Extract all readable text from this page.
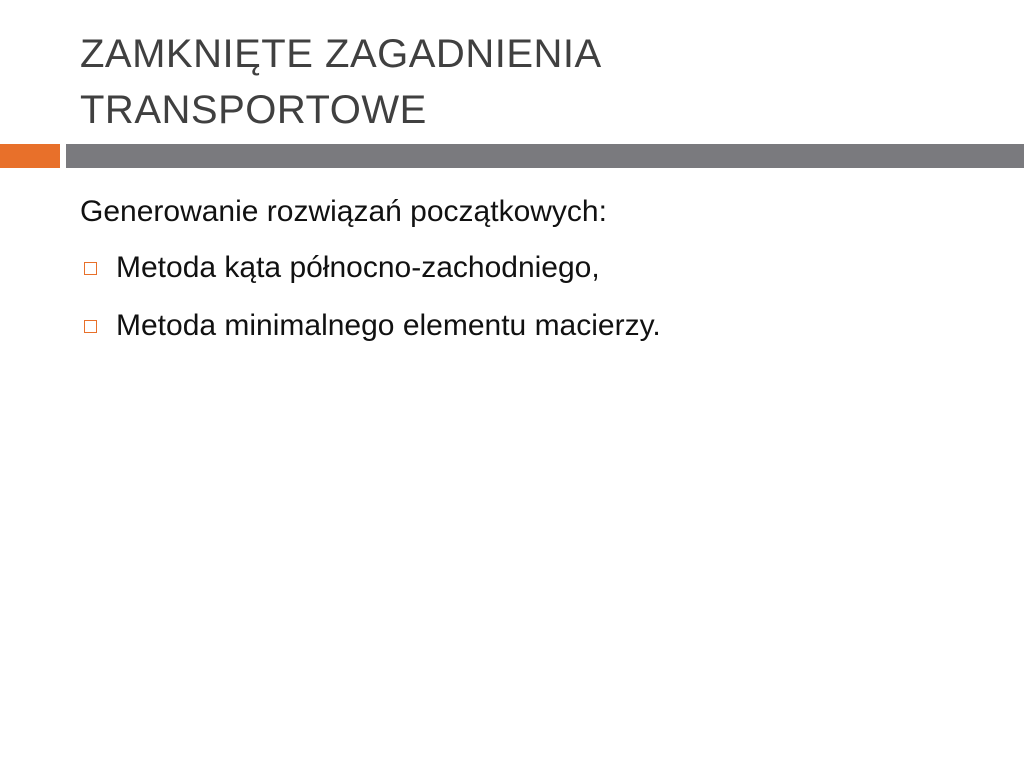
ZAMKNIĘTE ZAGADNIENIA
TRANSPORTOWE

Generowanie rozwiązań początkowych:

Metoda kąta północno-zachodniego,
Metoda minimalnego elementu macierzy.
